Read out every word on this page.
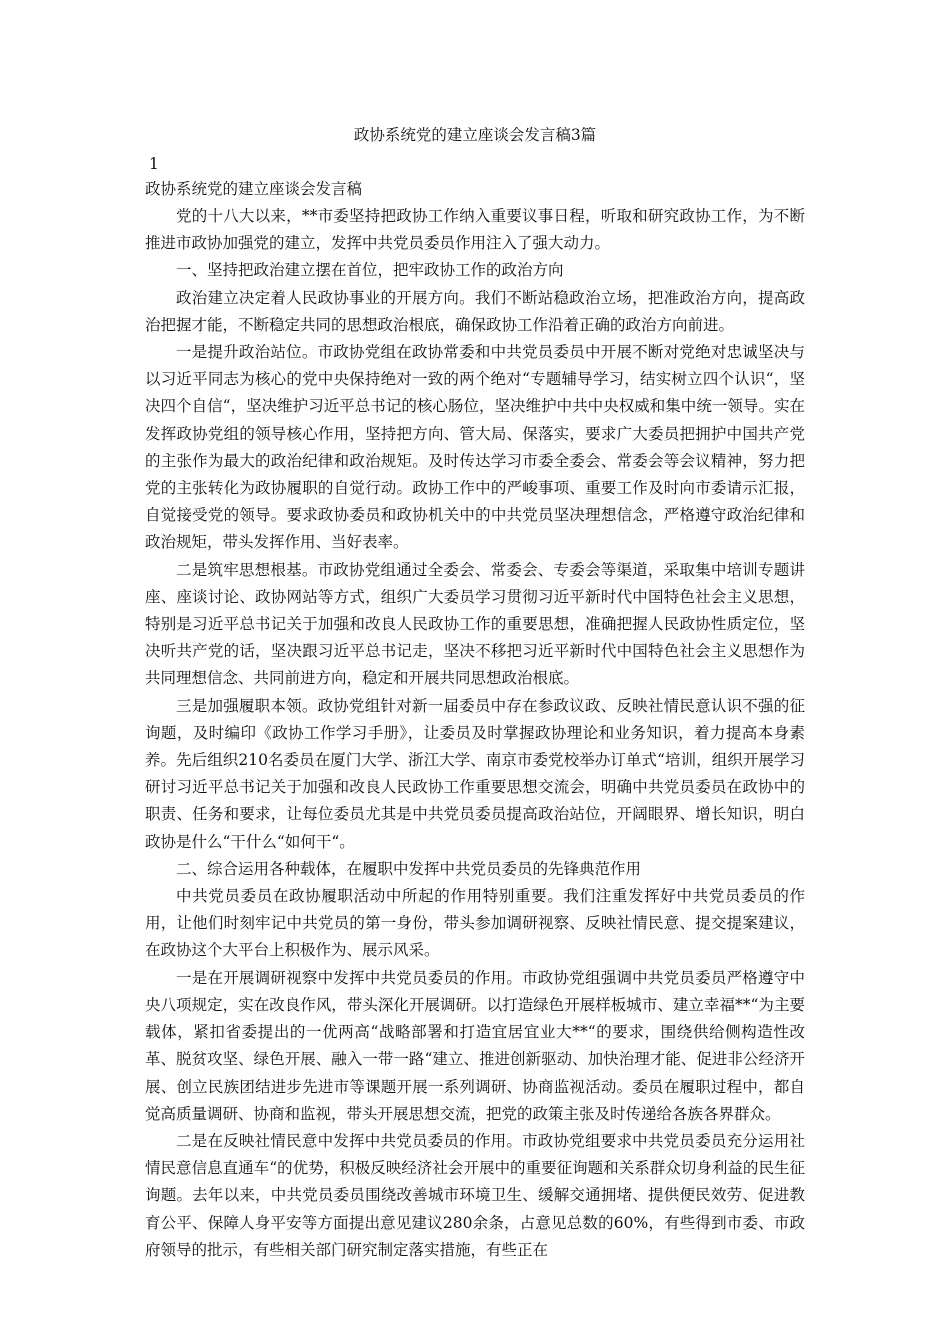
政协系统党的建立座谈会发言稿3篇
1
政协系统党的建立座谈会发言稿

党的十八大以来，**市委坚持把政协工作纳入重要议事日程，听取和研究政协工作，为不断推进市政协加强党的建立，发挥中共党员委员作用注入了强大动力。

一、坚持把政治建立摆在首位，把牢政协工作的政治方向

政治建立决定着人民政协事业的开展方向。我们不断站稳政治立场，把准政治方向，提高政治把握才能，不断稳定共同的思想政治根底，确保政协工作沿着正确的政治方向前进。

一是提升政治站位。市政协党组在政协常委和中共党员委员中开展不断对党绝对忠诚坚决与以习近平同志为核心的党中央保持绝对一致的两个绝对“专题辅导学习，结实树立四个认识“，坚决四个自信“，坚决维护习近平总书记的核心肠位，坚决维护中共中央权威和集中统一领导。实在发挥政协党组的领导核心作用，坚持把方向、管大局、保落实，要求广大委员把拥护中国共产党的主张作为最大的政治纪律和政治规矩。及时传达学习市委全委会、常委会等会议精神，努力把党的主张转化为政协履职的自觉行动。政协工作中的严峻事项、重要工作及时向市委请示汇报，自觉接受党的领导。要求政协委员和政协机关中的中共党员坚决理想信念，严格遵守政治纪律和政治规矩，带头发挥作用、当好表率。

二是筑牢思想根基。市政协党组通过全委会、常委会、专委会等渠道，采取集中培训专题讲座、座谈讨论、政协网站等方式，组织广大委员学习贯彻习近平新时代中国特色社会主义思想，特别是习近平总书记关于加强和改良人民政协工作的重要思想，准确把握人民政协性质定位，坚决听共产党的话，坚决跟习近平总书记走，坚决不移把习近平新时代中国特色社会主义思想作为共同理想信念、共同前进方向，稳定和开展共同思想政治根底。

三是加强履职本领。政协党组针对新一届委员中存在参政议政、反映社情民意认识不强的征询题，及时编印《政协工作学习手册》，让委员及时掌握政协理论和业务知识，着力提高本身素养。先后组织210名委员在厦门大学、浙江大学、南京市委党校举办订单式“培训，组织开展学习研讨习近平总书记关于加强和改良人民政协工作重要思想交流会，明确中共党员委员在政协中的 职责、任务和要求，让每位委员尤其是中共党员委员提高政治站位，开阔眼界、增长知识，明白政协是什么“干什么“如何干“。

二、综合运用各种载体，在履职中发挥中共党员委员的先锋典范作用

中共党员委员在政协履职活动中所起的作用特别重要。我们注重发挥好中共党员委员的作用，让他们时刻牢记中共党员的第一身份，带头参加调研视察、反映社情民意、提交提案建议，在政协这个大平台上积极作为、展示风采。

一是在开展调研视察中发挥中共党员委员的作用。市政协党组强调中共党员委员严格遵守中央八项规定，实在改良作风，带头深化开展调研。以打造绿色开展样板城市、建立幸福**“为主要载体，紧扣省委提出的一优两高“战略部署和打造宜居宜业大**“的要求，围绕供给侧构造性改革、脱贫攻坚、绿色开展、融入一带一路“建立、推进创新驱动、加快治理才能、促进非公经济开展、创立民族团结进步先进市等课题开展一系列调研、协商监视活动。委员在履职过程中，都自觉高质量调研、协商和监视，带头开展思想交流，把党的政策主张及时传递给各族各界群众。

二是在反映社情民意中发挥中共党员委员的作用。市政协党组要求中共党员委员充分运用社情民意信息直通车“的优势，积极反映经济社会开展中的重要征询题和关系群众切身利益的民生征询题。去年以来，中共党员委员围绕改善城市环境卫生、缓解交通拥堵、提供便民效劳、促进教育公平、保障人身平安等方面提出意见建议280余条，占意见总数的60%，有些得到市委、市政府领导的批示，有些相关部门研究制定落实措施，有些正在
